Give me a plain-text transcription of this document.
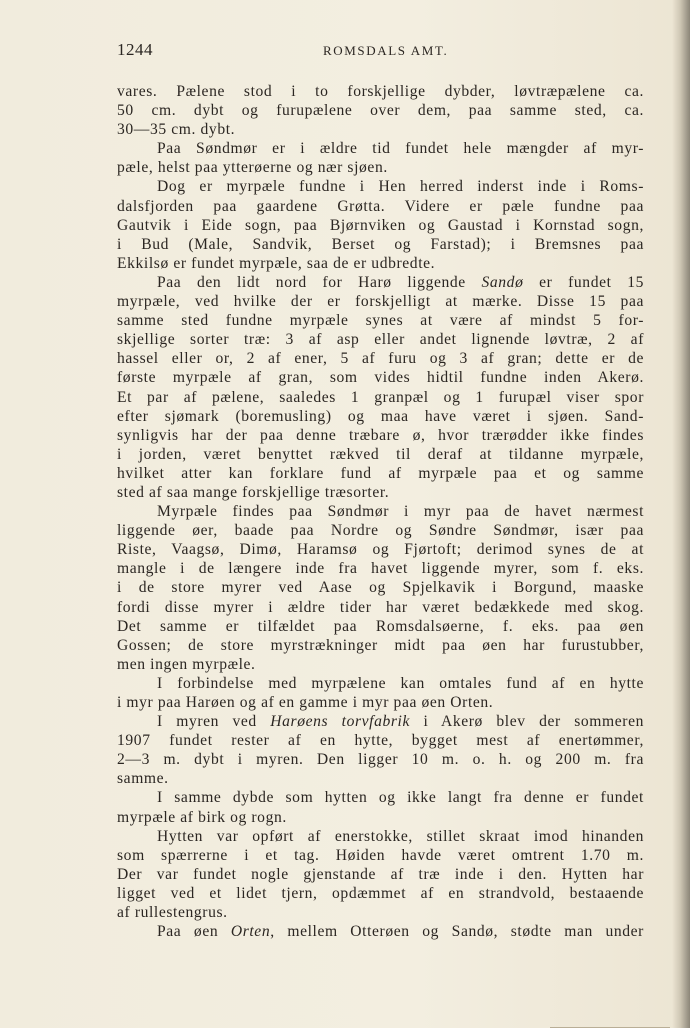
1244	ROMSDALS AMT.
vares. Pælene stod i to forskjellige dybder, løvtræpælene ca.
50 cm. dybt og furupælene over dem, paa samme sted, ca.
30—35 cm. dybt.
Paa Søndmør er i ældre tid fundet hele mængder af myr-
pæle, helst paa ytterøerne og nær sjøen.
Dog er myrpæle fundne i Hen herred inderst inde i Roms-
dalsfjorden paa gaardene Grøtta. Videre er pæle fundne paa
Gautvik i Eide sogn, paa Bjørnviken og Gaustad i Kornstad sogn,
i Bud (Male, Sandvik, Berset og Farstad); i Bremsnes paa
Ekkilsø er fundet myrpæle, saa de er udbredte.
Paa den lidt nord for Harø liggende Sandø er fundet 15
myrpæle, ved hvilke der er forskjelligt at mærke. Disse 15 paa
samme sted fundne myrpæle synes at være af mindst 5 for-
skjellige sorter træ: 3 af asp eller andet lignende løvtræ, 2 af
hassel eller or, 2 af ener, 5 af furu og 3 af gran; dette er de
første myrpæle af gran, som vides hidtil fundne inden Akerø.
Et par af pælene, saaledes 1 granpæl og 1 furupæl viser spor
efter sjømark (boremusling) og maa have været i sjøen. Sand-
synligvis har der paa denne træbare ø, hvor trærødder ikke findes
i jorden, været benyttet rækved til deraf at tildanne myrpæle,
hvilket atter kan forklare fund af myrpæle paa et og samme
sted af saa mange forskjellige træsorter.
Myrpæle findes paa Søndmør i myr paa de havet nærmest
liggende øer, baade paa Nordre og Søndre Søndmør, især paa
Riste, Vaagsø, Dimø, Haramsø og Fjørtoft; derimod synes de at
mangle i de længere inde fra havet liggende myrer, som f. eks.
i de store myrer ved Aase og Spjelkavik i Borgund, maaske
fordi disse myrer i ældre tider har været bedækkede med skog.
Det samme er tilfældet paa Romsdalsøerne, f. eks. paa øen
Gossen; de store myrstrækninger midt paa øen har furustubber,
men ingen myrpæle.
I forbindelse med myrpælene kan omtales fund af en hytte
i myr paa Harøen og af en gamme i myr paa øen Orten.
I myren ved Harøens torvfabrik i Akerø blev der sommeren
1907 fundet rester af en hytte, bygget mest af enertømmer,
2—3 m. dybt i myren. Den ligger 10 m. o. h. og 200 m. fra
samme.
I samme dybde som hytten og ikke langt fra denne er fundet
myrpæle af birk og rogn.
Hytten var opført af enerstokke, stillet skraat imod hinanden
som spærrerne i et tag. Høiden havde været omtrent 1.70 m.
Der var fundet nogle gjenstande af træ inde i den. Hytten har
ligget ved et lidet tjern, opdæmmet af en strandvold, bestaaende
af rullestengrus.
Paa øen Orten, mellem Otterøen og Sandø, stødte man under
